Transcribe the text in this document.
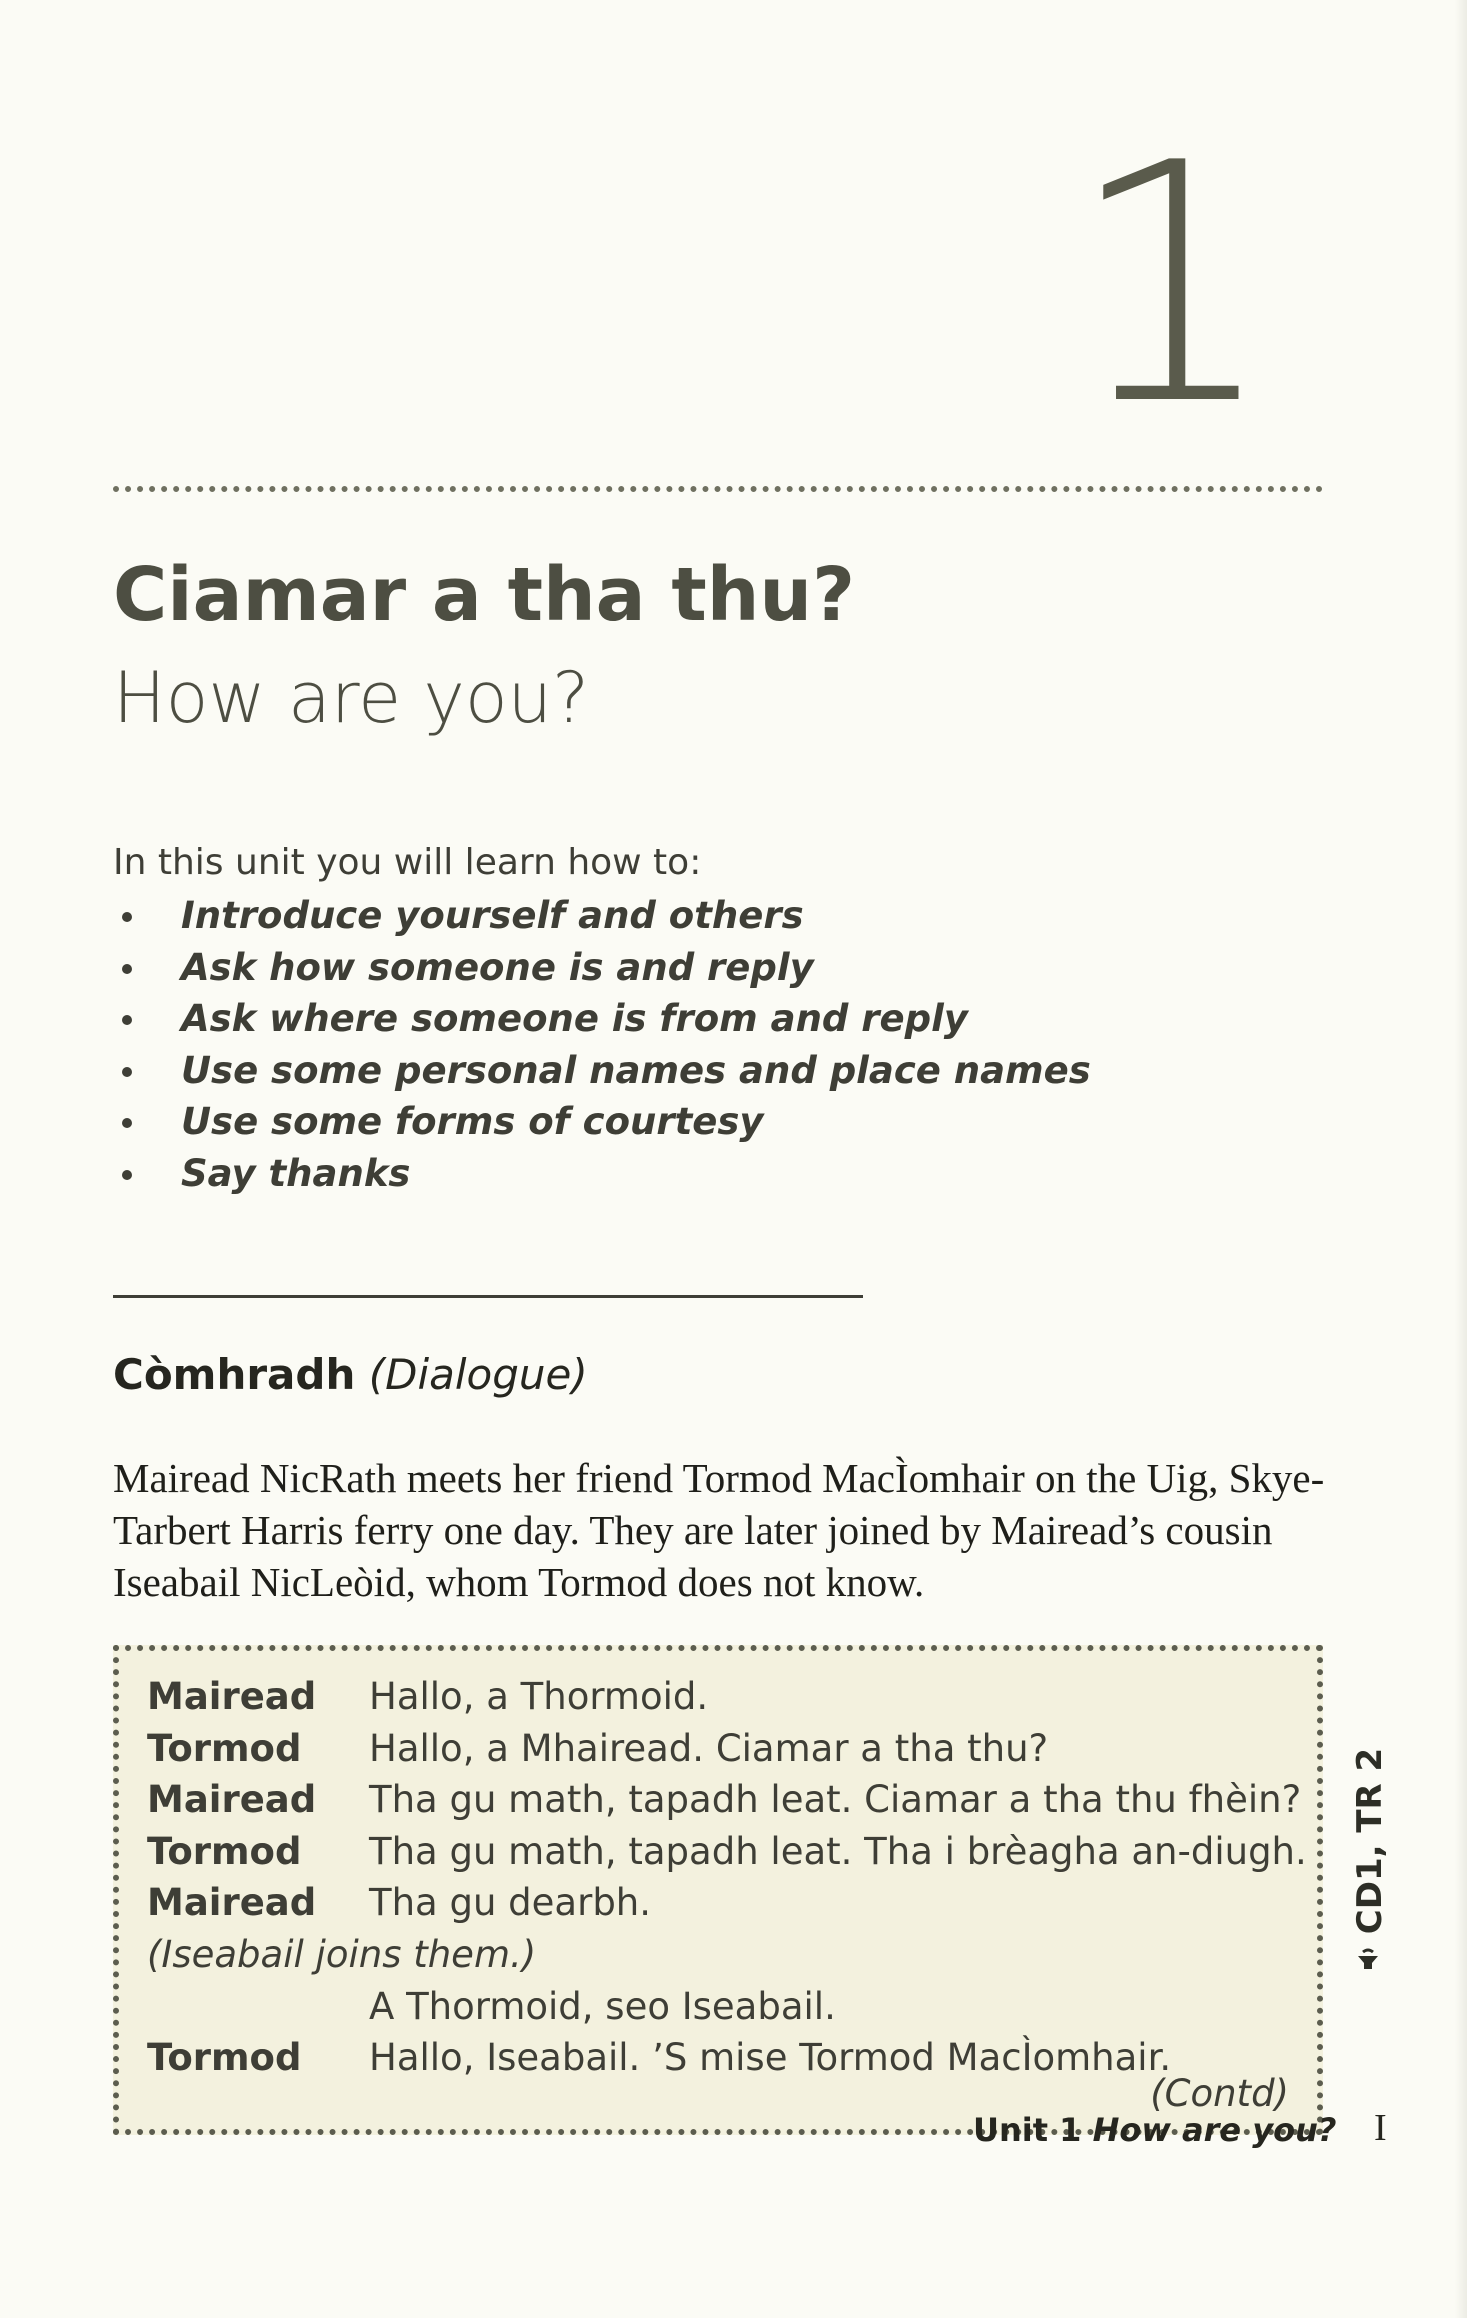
1
Ciamar a tha thu?
How are you?
In this unit you will learn how to:
Introduce yourself and others
Ask how someone is and reply
Ask where someone is from and reply
Use some personal names and place names
Use some forms of courtesy
Say thanks
Còmhradh (Dialogue)
Mairead NicRath meets her friend Tormod MacÌomhair on the Uig, Skye-Tarbert Harris ferry one day. They are later joined by Mairead’s cousin Iseabail NicLeòid, whom Tormod does not know.
Mairead Hallo, a Thormoid.
Tormod Hallo, a Mhairead. Ciamar a tha thu?
Mairead Tha gu math, tapadh leat. Ciamar a tha thu fhèin?
Tormod Tha gu math, tapadh leat. Tha i brèagha an-diugh.
Mairead Tha gu dearbh.
(Iseabail joins them.)
A Thormoid, seo Iseabail.
Tormod Hallo, Iseabail. ’S mise Tormod MacÌomhair.
(Contd)
CD1, TR 2
Unit 1 How are you? I
